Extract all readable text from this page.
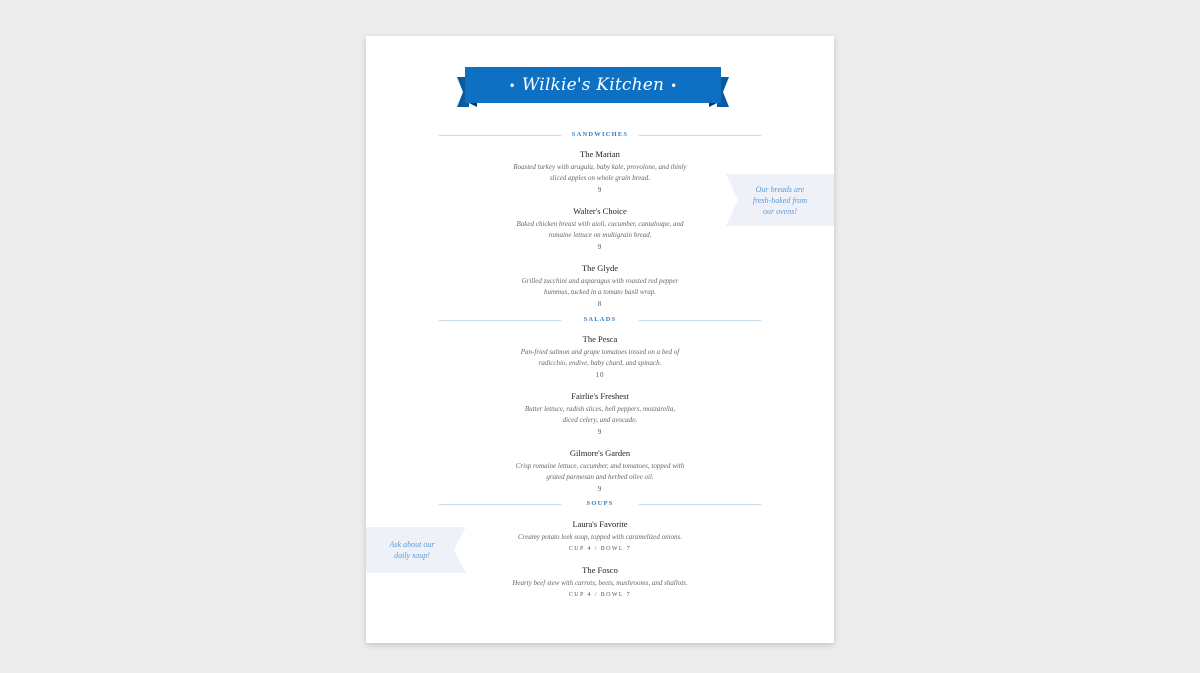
• Wilkie's Kitchen •
SANDWICHES
The Marian
Roasted turkey with arugula, baby kale, provolone, and thinly
sliced apples on whole grain bread.
9
Walter's Choice
Baked chicken breast with aioli, cucumber, cantaloupe, and
romaine lettuce on multigrain bread.
9
The Glyde
Grilled zucchini and asparagus with roasted red pepper
hummus, tucked in a tomato basil wrap.
8
SALADS
The Pesca
Pan-fried salmon and grape tomatoes tossed on a bed of
radicchio, endive, baby chard, and spinach.
10
Fairlie's Freshest
Butter lettuce, radish slices, bell peppers, mozzarella,
diced celery, and avocado.
9
Gilmore's Garden
Crisp romaine lettuce, cucumber, and tomatoes, topped with
grated parmesan and herbed olive oil.
9
SOUPS
Laura's Favorite
Creamy potato leek soup, topped with caramelized onions.
CUP 4 / BOWL 7
The Fosco
Hearty beef stew with carrots, beets, mushrooms, and shallots.
CUP 4 / BOWL 7
Our breads are
fresh-baked from
our ovens!
Ask about our
daily soup!
